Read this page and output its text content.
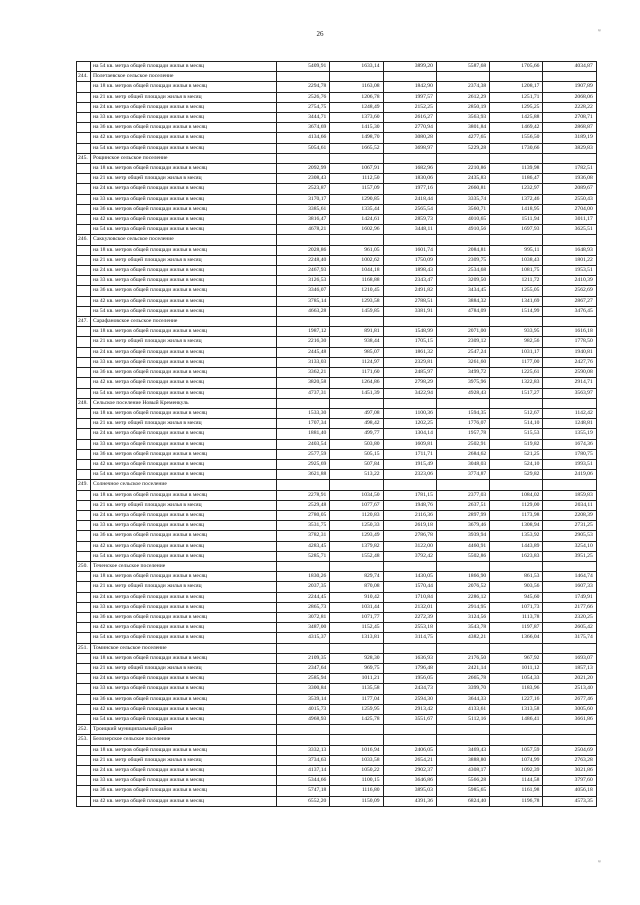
26	≈
≈
	на 54 кв. метра общей площади жилья в месяц	5409,91	1633,14	3899,20	5587,68	1705,66	4034,87
244.	Полетаевское сельское поселение						
	на 18 кв. метров общей площади жилья в месяц	2294,78	1163,08	1842,90	2374,38	1208,17	1907,89
	на 21 кв. метр общей площади жилья в месяц	2526,76	1206,78	1997,57	2612,29	1251,71	2068,06
	на 24 кв. метра общей площади жилья в месяц	2754,75	1248,49	2152,25	2850,19	1295,25	2228,22
	на 33 кв. метра общей площади жилья в месяц	3444,71	1373,60	2616,27	3563,93	1425,88	2708,71
	на 36 кв. метров общей площади жилья в месяц	3674,69	1415,30	2770,94	3801,84	1469,42	2868,87
	на 42 кв. метра общей площади жилья в месяц	4134,66	1498,70	3080,28	4277,65	1556,50	3189,19
	на 54 кв. метра общей площади жилья в месяц	5054,61	1665,52	3698,97	5229,28	1730,66	3829,83
245.	Рощинское сельское поселение						
	на 18 кв. метров общей площади жилья в месяц	2092,99	1067,91	1682,96	2210,86	1139,98	1782,51
	на 21 кв. метр общей площади жилья в месяц	2308,43	1112,50	1830,06	2435,83	1186,47	1936,08
	на 24 кв. метра общей площади жилья в месяц	2523,87	1157,09	1977,16	2660,81	1232,97	2089,67
	на 33 кв. метра общей площади жилья в месяц	3170,17	1290,85	2418,44	3335,74	1372,46	2550,43
	на 36 кв. метров общей площади жилья в месяц	3385,61	1335,44	2565,54	3560,71	1418,95	2704,00
	на 42 кв. метра общей площади жилья в месяц	3816,47	1424,61	2859,73	4010,65	1511,94	3011,17
	на 54 кв. метра общей площади жилья в месяц	4678,21	1602,96	3448,11	4910,56	1697,93	3625,51
246.	Саккуловское сельское поселение						
	на 18 кв. метров общей площади жилья в месяц	2028,86	961,05	1601,74	2084,81	995,11	1648,93
	на 21 кв. метр общей площади жилья в месяц	2248,40	1002,62	1750,09	2309,75	1038,43	1801,22
	на 24 кв. метра общей площади жилья в месяц	2467,93	1044,18	1898,43	2534,68	1081,75	1953,51
	на 33 кв. метра общей площади жилья в месяц	3126,53	1168,88	2343,47	3209,50	1211,72	2410,39
	на 36 кв. метров общей площади жилья в месяц	3346,07	1210,45	2491,82	3434,45	1255,05	2562,69
	на 42 кв. метра общей площади жилья в месяц	3785,14	1293,58	2788,51	3884,32	1341,69	2867,27
	на 54 кв. метра общей площади жилья в месяц	4663,28	1459,85	3381,91	4784,09	1514,99	3476,45
247.	Сарафановское сельское поселение						
	на 18 кв. метров общей площади жилья в месяц	1987,12	891,81	1548,99	2071,00	933,95	1616,18
	на 21 кв. метр общей площади жилья в месяц	2216,30	938,44	1705,15	2309,12	982,56	1778,50
	на 24 кв. метра общей площади жилья в месяц	2445,48	985,07	1861,32	2547,24	1031,17	1940,81
	на 33 кв. метра общей площади жилья в месяц	3133,03	1124,97	2329,81	3261,60	1177,00	2427,76
	на 36 кв. метров общей площади жилья в месяц	3362,21	1171,60	2485,97	3499,72	1225,61	2590,08
	на 42 кв. метра общей площади жилья в месяц	3820,58	1264,86	2798,29	3975,96	1322,83	2914,71
	на 54 кв. метра общей площади жилья в месяц	4737,31	1451,39	3422,94	4928,43	1517,27	3563,97
248.	Сельское поселение Новый Кременкуль						
	на 18 кв. метров общей площади жилья в месяц	1533,30	497,08	1100,36	1594,35	512,67	1142,42
	на 21 кв. метр общей площади жилья в месяц	1707,34	498,42	1202,25	1776,07	514,10	1248,81
	на 24 кв. метра общей площади жилья в месяц	1881,40	499,77	1304,14	1957,78	515,53	1355,19
	на 33 кв. метра общей площади жилья в месяц	2403,54	503,80	1609,81	2502,91	519,82	1674,36
	на 36 кв. метров общей площади жилья в месяц	2577,59	505,15	1711,71	2684,62	521,25	1780,75
	на 42 кв. метра общей площади жилья в месяц	2925,69	507,84	1915,49	3048,03	524,10	1993,51
	на 54 кв. метра общей площади жилья в месяц	3621,88	513,22	2323,06	3774,87	529,82	2419,06
249.	Солнечное сельское поселение						
	на 18 кв. метров общей площади жилья в месяц	2278,91	1034,50	1781,15	2377,03	1084,02	1859,83
	на 21 кв. метр общей площади жилья в месяц	2529,48	1077,67	1948,76	2637,51	1129,00	2034,11
	на 24 кв. метра общей площади жилья в месяц	2780,05	1120,83	2116,36	2897,99	1173,98	2208,39
	на 33 кв. метра общей площади жилья в месяц	3531,75	1250,33	2619,18	3679,46	1308,94	2731,25
	на 36 кв. метров общей площади жилья в месяц	3782,31	1293,49	2786,78	3939,94	1353,92	2905,53
	на 42 кв. метра общей площади жилья в месяц	4283,45	1379,82	3122,00	4460,91	1443,89	3254,10
	на 54 кв. метра общей площади жилья в месяц	5285,71	1552,48	3792,42	5502,86	1623,83	3951,25
250.	Теченское сельское поселение						
	на 18 кв. метров общей площади жилья в месяц	1830,26	829,74	1430,05	1866,90	861,53	1464,74
	на 21 кв. метр общей площади жилья в месяц	2037,35	870,08	1570,44	2076,52	903,56	1607,33
	на 24 кв. метра общей площади жилья в месяц	2244,45	910,42	1710,84	2286,12	945,60	1749,91
	на 33 кв. метра общей площади жилья в месяц	2865,73	1031,44	2132,01	2914,95	1071,73	2177,66
	на 36 кв. метров общей площади жилья в месяц	3072,81	1071,77	2272,39	3124,56	1113,78	2320,25
	на 42 кв. метра общей площади жилья в месяц	3487,00	1152,45	2553,18	3543,78	1197,87	2605,42
	на 54 кв. метра общей площади жилья в месяц	4315,37	1313,81	3114,75	4382,21	1366,04	3175,74
251.	Томинское сельское поселение						
	на 18 кв. метров общей площади жилья в месяц	2109,35	928,30	1636,93	2176,50	967,92	1693,07
	на 21 кв. метр общей площади жилья в месяц	2347,64	969,75	1796,48	2421,14	1011,12	1857,13
	на 24 кв. метра общей площади жилья в месяц	2585,94	1011,21	1956,05	2665,78	1054,33	2021,20
	на 33 кв. метра общей площади жилья в месяц	3300,84	1135,58	2434,73	3399,70	1183,96	2513,40
	на 36 кв. метров общей площади жилья в месяц	3539,14	1177,04	2594,30	3644,33	1227,16	2677,46
	на 42 кв. метра общей площади жилья в месяц	4015,73	1259,95	2913,42	4133,61	1313,58	3005,60
	на 54 кв. метра общей площади жилья в месяц	4968,93	1425,78	3551,67	5112,16	1486,41	3661,86
252.	Троицкий муниципальный район						
253.	Белозерское сельское поселение						
	на 18 кв. метров общей площади жилья в месяц	3332,13	1016,94	2406,05	3469,43	1057,59	2504,69
	на 21 кв. метр общей площади жилья в месяц	3734,63	1033,58	2654,21	3888,80	1074,99	2763,28
	на 24 кв. метра общей площади жилья в месяц	4137,14	1050,22	2902,37	4308,17	1092,39	3021,86
	на 33 кв. метра общей площади жилья в месяц	5344,66	1100,15	3646,86	5566,28	1144,58	3797,60
	на 36 кв. метров общей площади жилья в месяц	5747,18	1116,80	3895,03	5985,65	1161,98	4056,18
	на 42 кв. метра общей площади жилья в месяц	6552,20	1150,09	4391,36	6824,40	1196,78	4573,35
